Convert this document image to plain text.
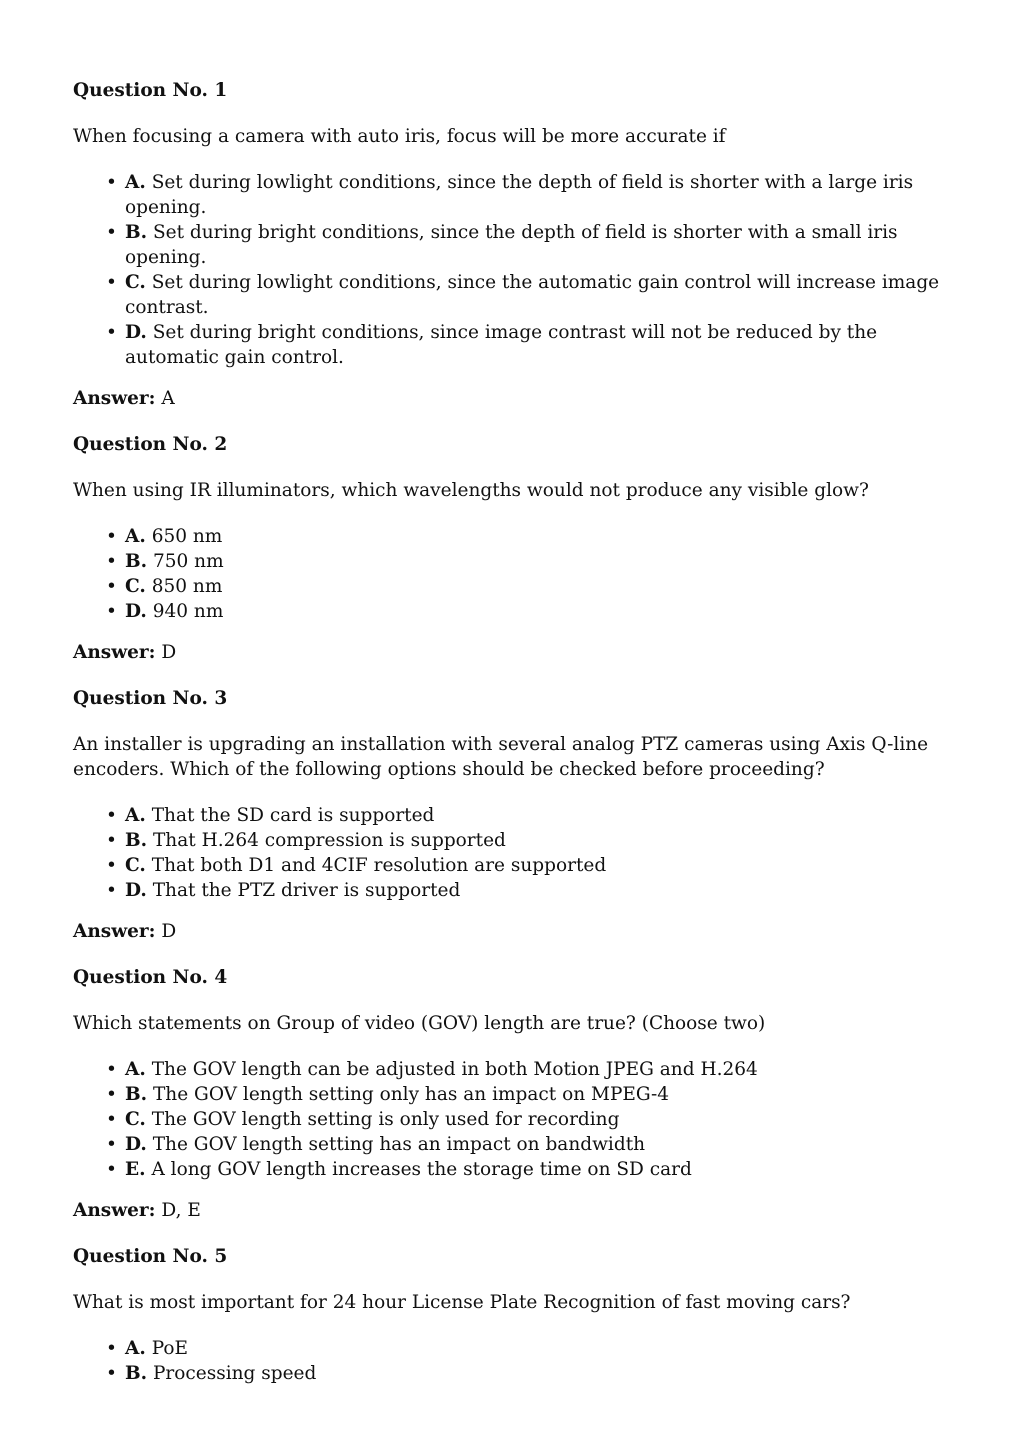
Question No. 1
When focusing a camera with auto iris, focus will be more accurate if
• A. Set during lowlight conditions, since the depth of field is shorter with a large iris opening.
• B. Set during bright conditions, since the depth of field is shorter with a small iris opening.
• C. Set during lowlight conditions, since the automatic gain control will increase image contrast.
• D. Set during bright conditions, since image contrast will not be reduced by the automatic gain control.
Answer: A
Question No. 2
When using IR illuminators, which wavelengths would not produce any visible glow?
• A. 650 nm
• B. 750 nm
• C. 850 nm
• D. 940 nm
Answer: D
Question No. 3
An installer is upgrading an installation with several analog PTZ cameras using Axis Q-line encoders. Which of the following options should be checked before proceeding?
• A. That the SD card is supported
• B. That H.264 compression is supported
• C. That both D1 and 4CIF resolution are supported
• D. That the PTZ driver is supported
Answer: D
Question No. 4
Which statements on Group of video (GOV) length are true? (Choose two)
• A. The GOV length can be adjusted in both Motion JPEG and H.264
• B. The GOV length setting only has an impact on MPEG-4
• C. The GOV length setting is only used for recording
• D. The GOV length setting has an impact on bandwidth
• E. A long GOV length increases the storage time on SD card
Answer: D, E
Question No. 5
What is most important for 24 hour License Plate Recognition of fast moving cars?
• A. PoE
• B. Processing speed
